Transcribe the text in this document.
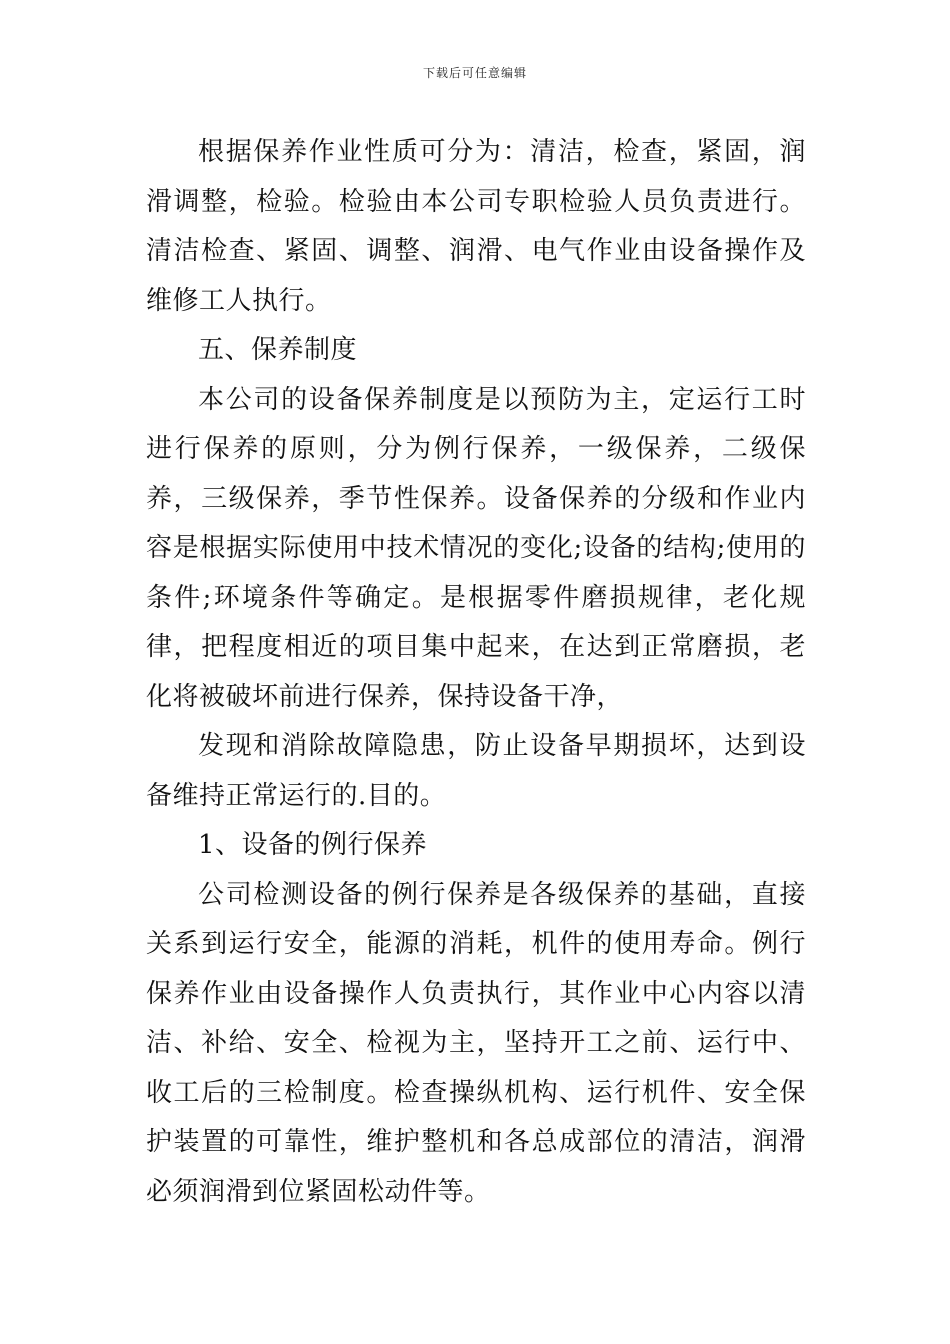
下载后可任意编辑

根据保养作业性质可分为：清洁，检查，紧固，润滑调整，检验。检验由本公司专职检验人员负责进行。清洁检查、紧固、调整、润滑、电气作业由设备操作及维修工人执行。

五、保养制度

本公司的设备保养制度是以预防为主，定运行工时进行保养的原则，分为例行保养，一级保养，二级保养，三级保养，季节性保养。设备保养的分级和作业内容是根据实际使用中技术情况的变化;设备的结构;使用的条件;环境条件等确定。是根据零件磨损规律，老化规律，把程度相近的项目集中起来，在达到正常磨损，老化将被破坏前进行保养，保持设备干净，

发现和消除故障隐患，防止设备早期损坏，达到设备维持正常运行的.目的。

1、设备的例行保养

公司检测设备的例行保养是各级保养的基础，直接关系到运行安全，能源的消耗，机件的使用寿命。例行保养作业由设备操作人负责执行，其作业中心内容以清洁、补给、安全、检视为主，坚持开工之前、运行中、收工后的三检制度。检查操纵机构、运行机件、安全保护装置的可靠性，维护整机和各总成部位的清洁，润滑必须润滑到位紧固松动件等。
